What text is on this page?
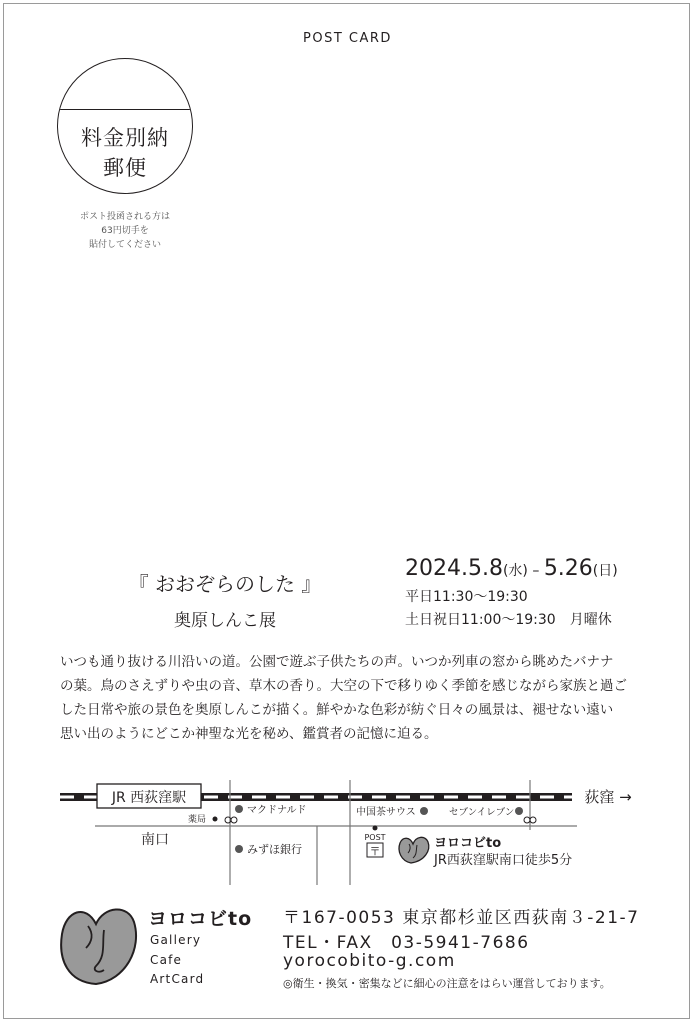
POST CARD
料金別納
郵便
ポスト投函される方は
63円切手を
貼付してください
『 おおぞらのした 』
奥原しんこ展
2024.5.8(水) – 5.26(日)
平日11:30〜19:30
土日祝日11:00〜19:30 月曜休
いつも通り抜ける川沿いの道。公園で遊ぶ子供たちの声。いつか列車の窓から眺めたバナナ
の葉。鳥のさえずりや虫の音、草木の香り。大空の下で移りゆく季節を感じながら家族と過ご
した日常や旅の景色を奥原しんこが描く。鮮やかな色彩が紡ぐ日々の風景は、褪せない遠い
思い出のようにどこか神聖な光を秘め、鑑賞者の記憶に迫る。
JR 西荻窪駅	荻窪 →
南口
薬局
マクドナルド
みずほ銀行
中国茶サウス	セブンイレブン
POST
〒
ヨロコビto
JR西荻窪駅南口徒歩5分
ヨロコビto
Gallery
Cafe
ArtCard
〒167-0053 東京都杉並区西荻南３-21-7
TEL・FAX　03-5941-7686
yorocobito-g.com
◎衛生・換気・密集などに細心の注意をはらい運営しております。
